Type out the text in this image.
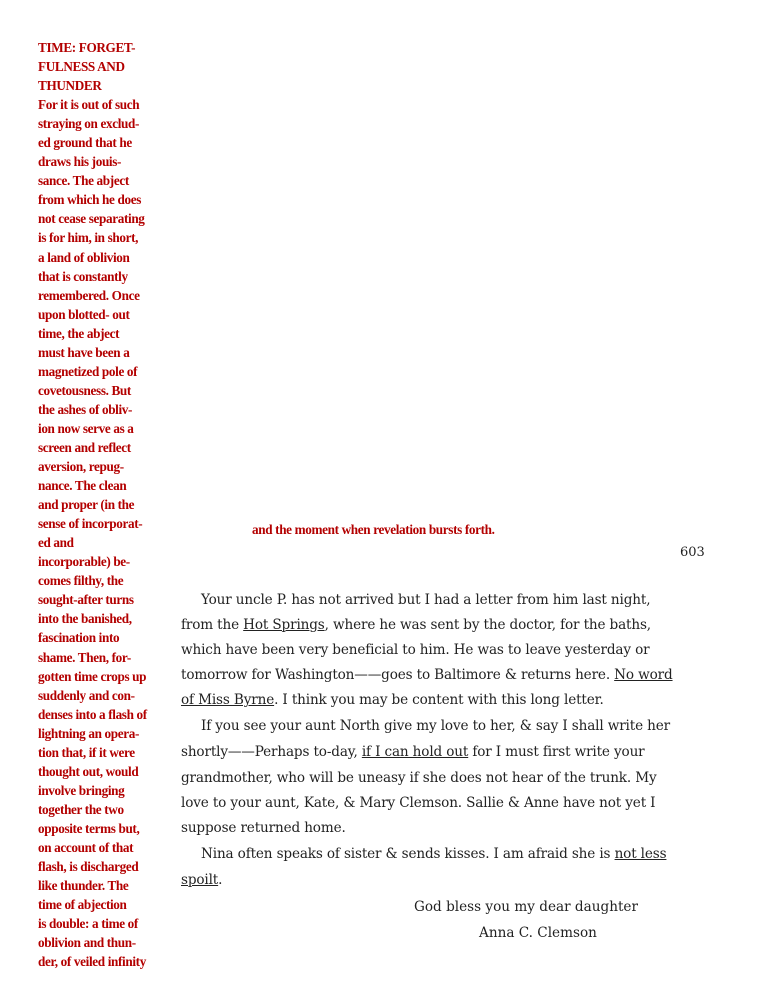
TIME: FORGET-
FULNESS AND
THUNDER
For it is out of such
straying on exclud-
ed ground that he
draws his jouis-
sance. The abject
from which he does
not cease separating
is for him, in short,
a land of oblivion
that is constantly
remembered. Once
upon blotted- out
time, the abject
must have been a
magnetized pole of
covetousness. But
the ashes of obliv-
ion now serve as a
screen and reflect
aversion, repug-
nance. The clean
and proper (in the
sense of incorporat-
ed and
incorporable) be-
comes filthy, the
sought-after turns
into the banished,
fascination into
shame. Then, for-
gotten time crops up
suddenly and con-
denses into a flash of
lightning an opera-
tion that, if it were
thought out, would
involve bringing
together the two
opposite terms but,
on account of that
flash, is discharged
like thunder. The
time of abjection
is double: a time of
oblivion and thun-
der, of veiled infinity
and the moment when revelation bursts forth.
603
Your uncle P. has not arrived but I had a letter from him last night,
from the Hot Springs, where he was sent by the doctor, for the baths,
which have been very beneficial to him. He was to leave yesterday or
tomorrow for Washington——goes to Baltimore & returns here. No word
of Miss Byrne. I think you may be content with this long letter.
If you see your aunt North give my love to her, & say I shall write her
shortly——Perhaps to-day, if I can hold out for I must first write your
grandmother, who will be uneasy if she does not hear of the trunk. My
love to your aunt, Kate, & Mary Clemson. Sallie & Anne have not yet I
suppose returned home.
Nina often speaks of sister & sends kisses. I am afraid she is not less
spoilt.
God bless you my dear daughter
Anna C. Clemson
